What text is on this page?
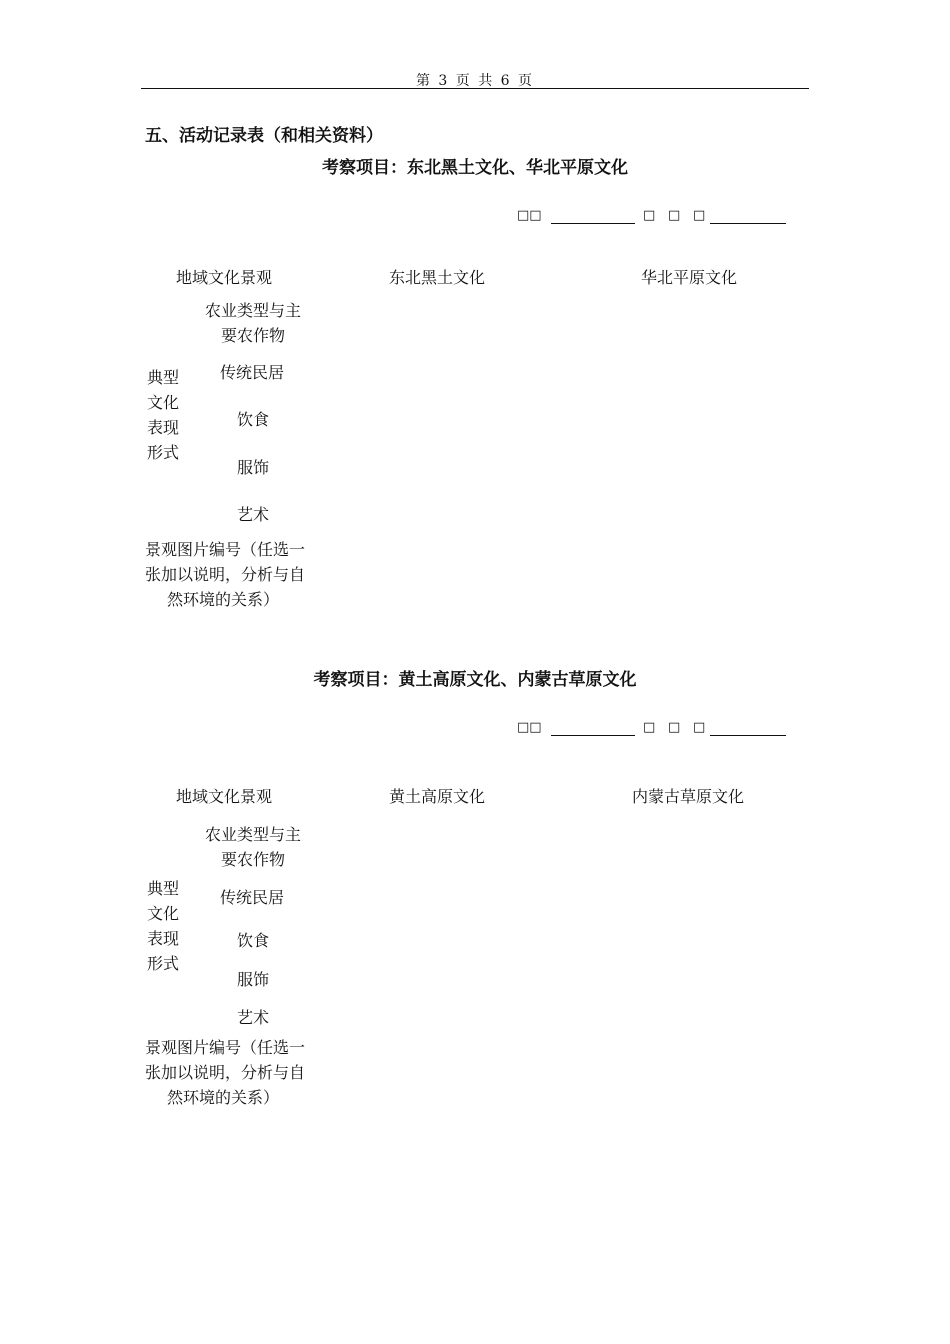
第 3 页 共 6 页
五、活动记录表（和相关资料）
考察项目：东北黑土文化、华北平原文化
□□	□ □ □
地域文化景观	东北黑土文化	华北平原文化
农业类型与主
要农作物
典型
文化
表现
形式
传统民居
饮食
服饰
艺术
景观图片编号（任选一
张加以说明，分析与自
然环境的关系）
考察项目：黄土高原文化、内蒙古草原文化
□□	□ □ □
地域文化景观	黄土高原文化	内蒙古草原文化
农业类型与主
要农作物
典型
文化
表现
形式
传统民居
饮食
服饰
艺术
景观图片编号（任选一
张加以说明，分析与自
然环境的关系）
